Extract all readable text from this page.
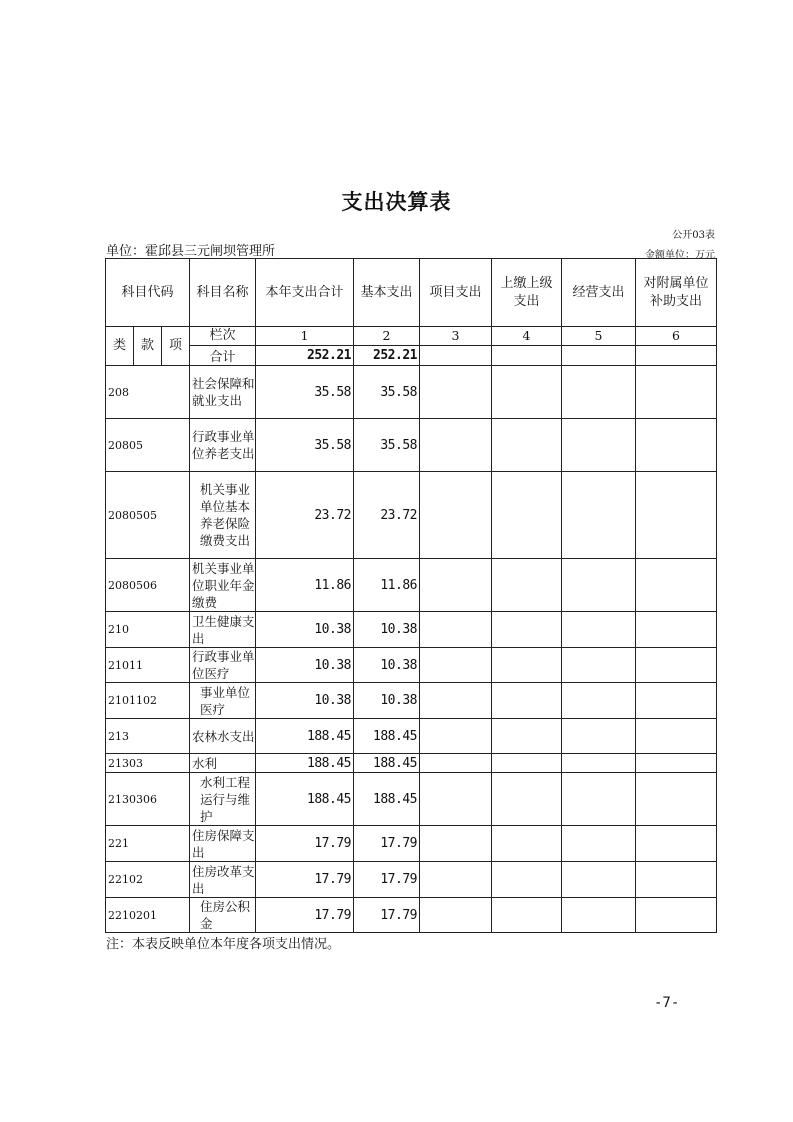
支出决算表
公开03表
单位：霍邱县三元闸坝管理所	金额单位：万元
科目代码			科目名称	本年支出合计	基本支出	项目支出	上缴上级支出	经营支出	对附属单位补助支出
类	款	项	栏次	1	2	3	4	5	6
			合计	252.21	252.21				
208			社会保障和就业支出	35.58	35.58				
20805			行政事业单位养老支出	35.58	35.58				
2080505			机关事业单位基本养老保险缴费支出	23.72	23.72				
2080506			机关事业单位职业年金缴费	11.86	11.86				
210			卫生健康支出	10.38	10.38				
21011			行政事业单位医疗	10.38	10.38				
2101102			事业单位医疗	10.38	10.38				
213			农林水支出	188.45	188.45				
21303			水利	188.45	188.45				
2130306			水利工程运行与维护	188.45	188.45				
221			住房保障支出	17.79	17.79				
22102			住房改革支出	17.79	17.79				
2210201			住房公积金	17.79	17.79				
注：本表反映单位本年度各项支出情况。
-7-
